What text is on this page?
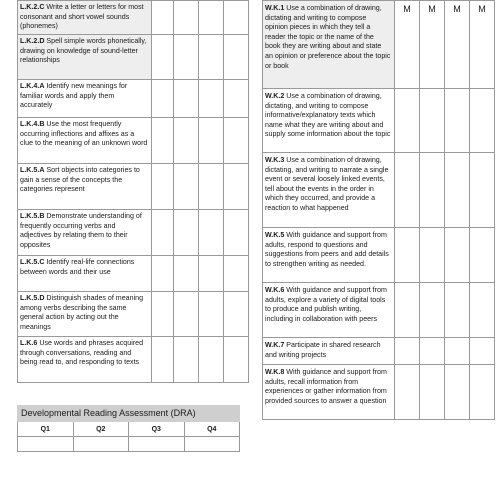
L.K.2.C Write a letter or letters for most consonant and short vowel sounds (phonemes)				
L.K.2.D Spell simple words phonetically, drawing on knowledge of sound-letter relationships				
L.K.4.A Identify new meanings for familiar words and apply them accurately				
L.K.4.B Use the most frequently occurring inflections and affixes as a clue to the meaning of an unknown word				
L.K.5.A Sort objects into categories to gain a sense of the concepts the categories represent				
L.K.5.B Demonstrate understanding of frequently occurring verbs and adjectives by relating them to their opposites				
L.K.5.C Identify real-life connections between words and their use				
L.K.5.D Distinguish shades of meaning among verbs describing the same general action by acting out the meanings				
L.K.6 Use words and phrases acquired through conversations, reading and being read to, and responding to texts				
W.K.1 Use a combination of drawing, dictating and writing to compose opinion pieces in which they tell a reader the topic or the name of the book they are writing about and state an opinion or preference about the topic or book	M	M	M	M
W.K.2 Use a combination of drawing, dictating, and writing to compose informative/explanatory texts which name what they are writing about and supply some information about the topic				
W.K.3 Use a combination of drawing, dictating, and writing to narrate a single event or several loosely linked events, tell about the events in the order in which they occurred, and provide a reaction to what happened				
W.K.5 With guidance and support from adults, respond to questions and suggestions from peers and add details to strengthen writing as needed.				
W.K.6 With guidance and support from adults, explore a variety of digital tools to produce and publish writing, including in collaboration with peers				
W.K.7 Participate in shared research and writing projects				
W.K.8 With guidance and support from adults, recall information from experiences or gather information from provided sources to answer a question				
Developmental Reading Assessment (DRA)
Q1	Q2	Q3	Q4
